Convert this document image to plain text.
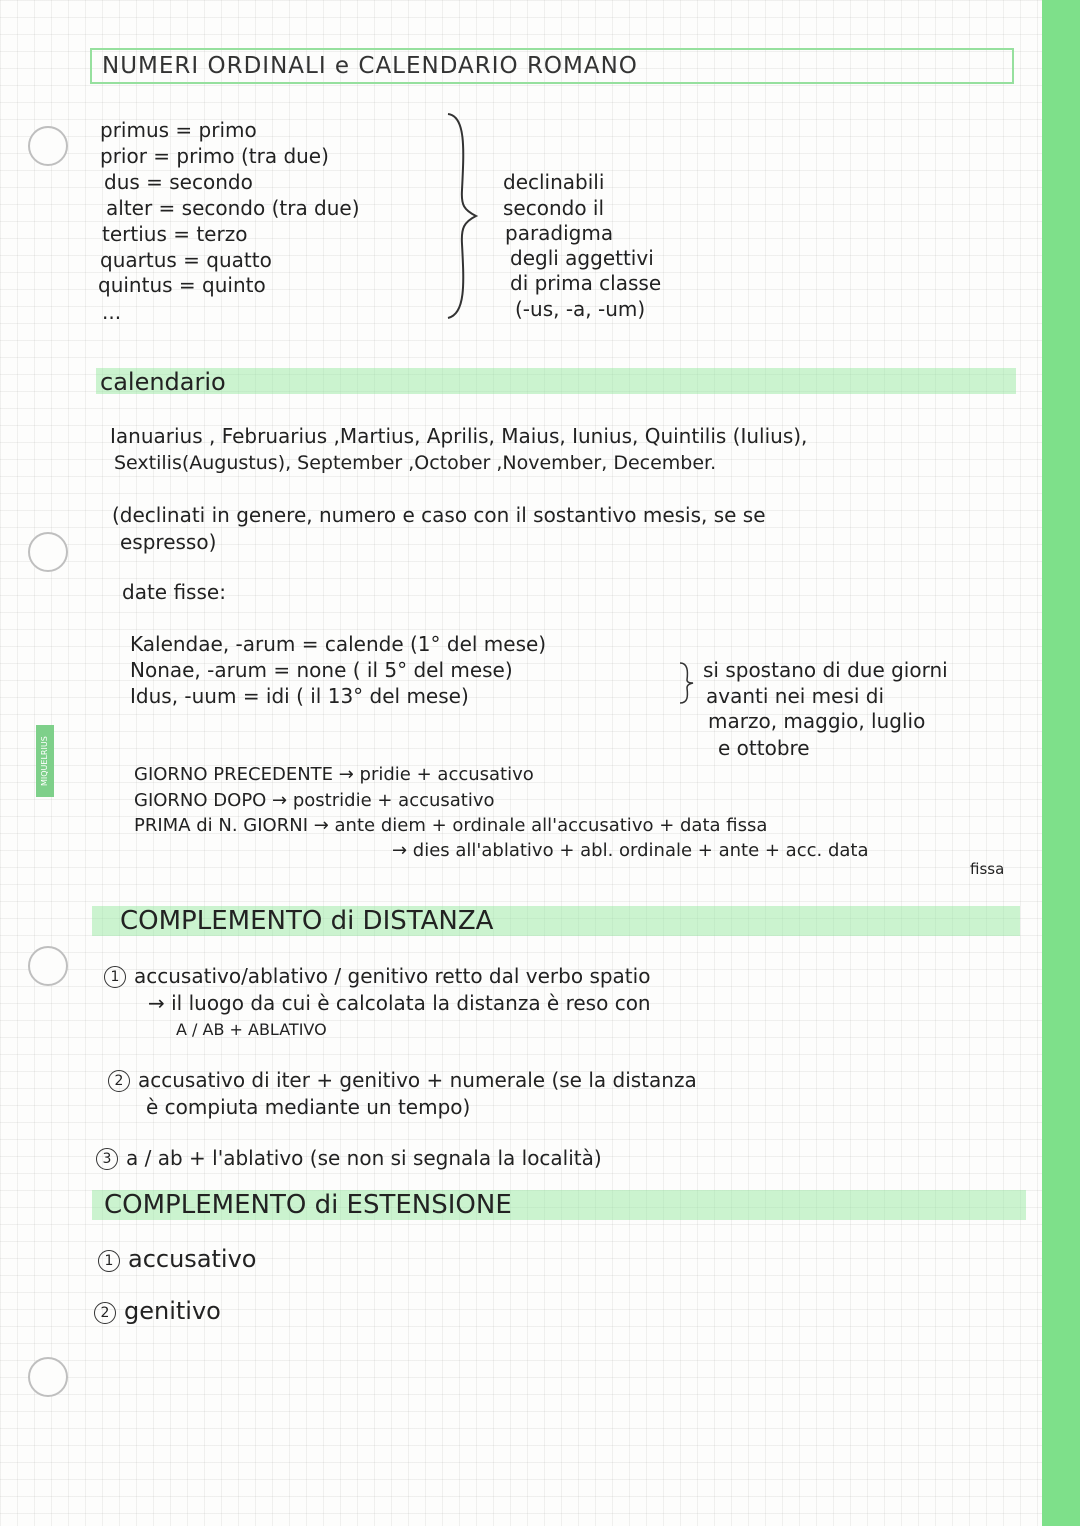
MIQUELRIUS
NUMERI ORDINALI e CALENDARIO ROMANO
primus = primo
prior = primo (tra due)
dus = secondo
alter = secondo (tra due)
tertius = terzo
quartus = quatto
quintus = quinto
...
declinabili
secondo il
paradigma
degli aggettivi
di prima classe
(-us, -a, -um)
calendario
Ianuarius , Februarius ,Martius, Aprilis, Maius, Iunius, Quintilis (Iulius),
Sextilis(Augustus), September ,October ,November, December.
(declinati in genere, numero e caso con il sostantivo mesis, se se
espresso)
date fisse:
Kalendae, -arum = calende (1° del mese)
Nonae, -arum = none ( il 5° del mese)
Idus, -uum = idi ( il 13° del mese)
si spostano di due giorni
avanti nei mesi di
marzo, maggio, luglio
e ottobre
GIORNO PRECEDENTE → pridie + accusativo
GIORNO DOPO → postridie + accusativo
PRIMA di N. GIORNI → ante diem + ordinale all'accusativo + data fissa
→ dies all'ablativo + abl. ordinale + ante + acc. data
fissa
COMPLEMENTO di DISTANZA
1 accusativo/ablativo / genitivo retto dal verbo spatio
→ il luogo da cui è calcolata la distanza è reso con
A / AB + ABLATIVO
2 accusativo di iter + genitivo + numerale (se la distanza
è compiuta mediante un tempo)
3 a / ab + l'ablativo (se non si segnala la località)
COMPLEMENTO di ESTENSIONE
1 accusativo
2 genitivo
